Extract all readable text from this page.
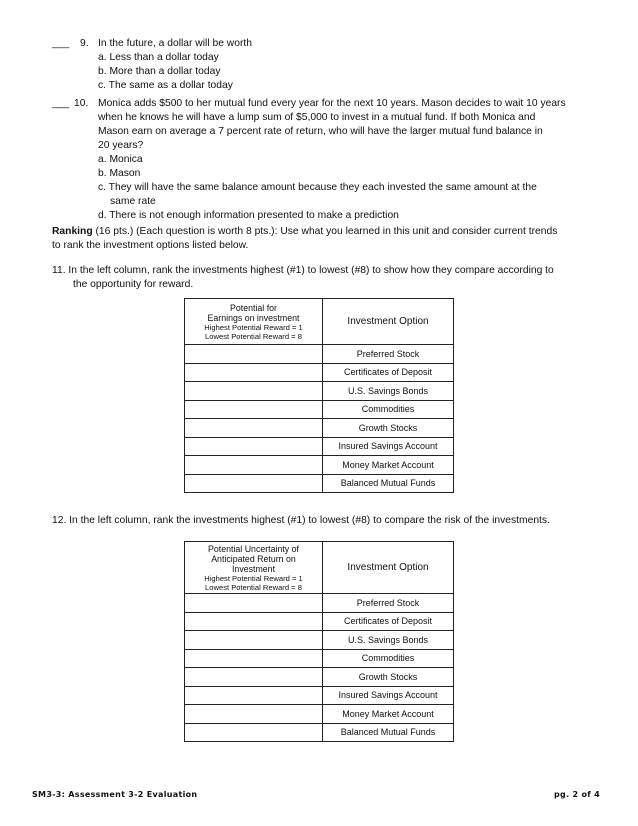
___ 9. In the future, a dollar will be worth
a. Less than a dollar today
b. More than a dollar today
c. The same as a dollar today
___ 10. Monica adds $500 to her mutual fund every year for the next 10 years. Mason decides to wait 10 years
when he knows he will have a lump sum of $5,000 to invest in a mutual fund. If both Monica and
Mason earn on average a 7 percent rate of return, who will have the larger mutual fund balance in
20 years?
a. Monica
b. Mason
c. They will have the same balance amount because they each invested the same amount at the
same rate
d. There is not enough information presented to make a prediction
Ranking (16 pts.) (Each question is worth 8 pts.): Use what you learned in this unit and consider current trends
to rank the investment options listed below.
11. In the left column, rank the investments highest (#1) to lowest (#8) to show how they compare according to
the opportunity for reward.
Potential for
Earnings on investment
Highest Potential Reward = 1
Lowest Potential Reward = 8	Investment Option
	Preferred Stock
	Certificates of Deposit
	U.S. Savings Bonds
	Commodities
	Growth Stocks
	Insured Savings Account
	Money Market Account
	Balanced Mutual Funds
12. In the left column, rank the investments highest (#1) to lowest (#8) to compare the risk of the investments.
Potential Uncertainty of
Anticipated Return on
Investment
Highest Potential Reward = 1
Lowest Potential Reward = 8	Investment Option
	Preferred Stock
	Certificates of Deposit
	U.S. Savings Bonds
	Commodities
	Growth Stocks
	Insured Savings Account
	Money Market Account
	Balanced Mutual Funds
SM3-3: Assessment 3-2 Evaluation	pg. 2 of 4
